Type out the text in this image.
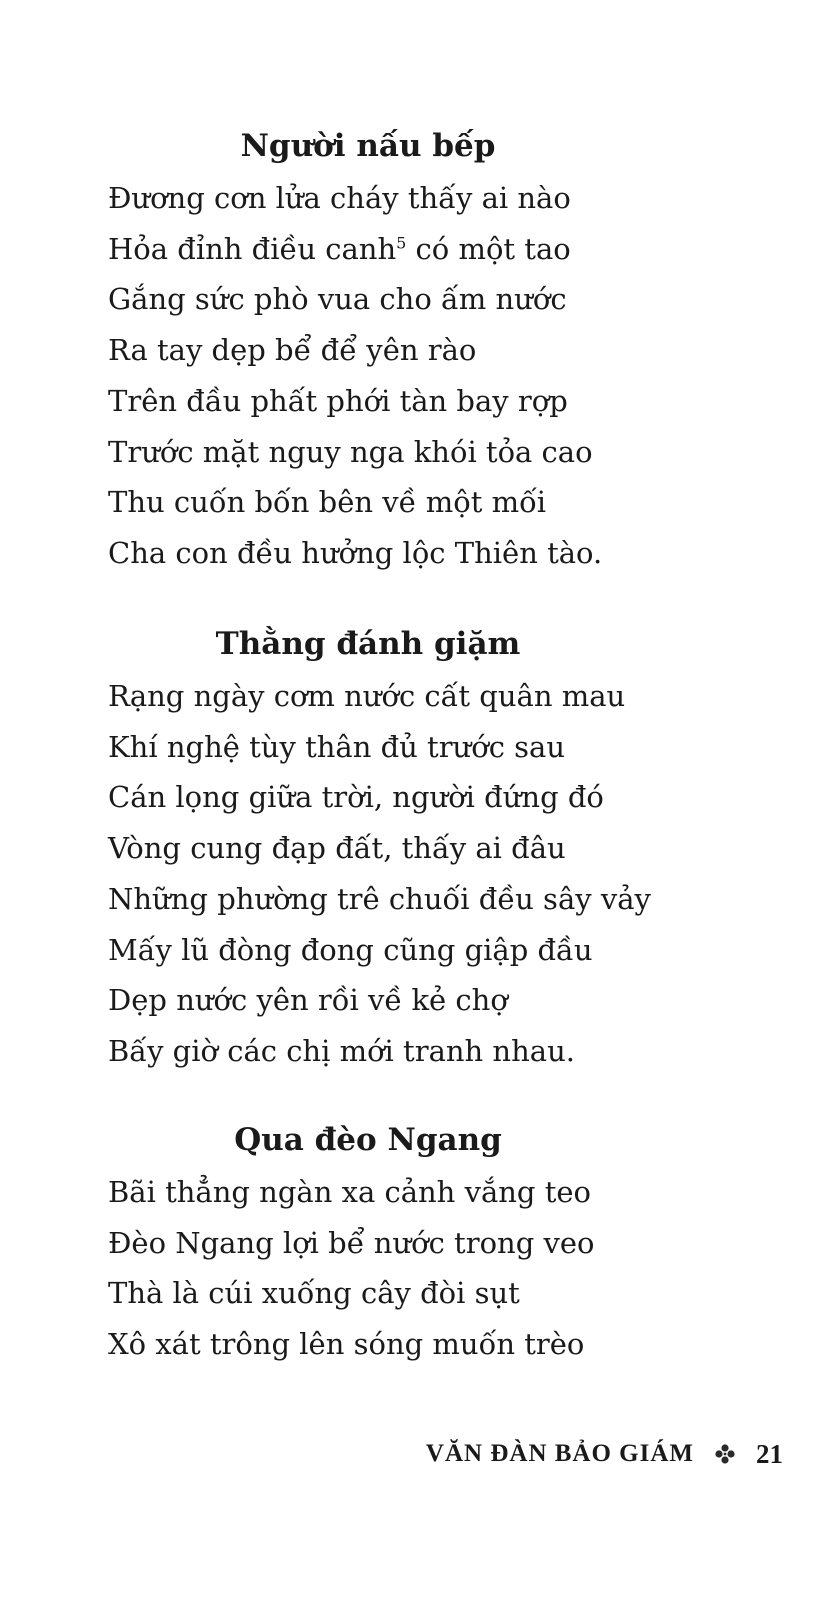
Người nấu bếp
Đương cơn lửa cháy thấy ai nào
Hỏa đỉnh điều canh$^5$ có một tao
Gắng sức phò vua cho ấm nước
Ra tay dẹp bể để yên rào
Trên đầu phất phới tàn bay rợp
Trước mặt nguy nga khói tỏa cao
Thu cuốn bốn bên về một mối
Cha con đều hưởng lộc Thiên tào.
Thằng đánh giặm
Rạng ngày cơm nước cất quân mau
Khí nghệ tùy thân đủ trước sau
Cán lọng giữa trời, người đứng đó
Vòng cung đạp đất, thấy ai đâu
Những phường trê chuối đều sây vảy
Mấy lũ đòng đong cũng giập đầu
Dẹp nước yên rồi về kẻ chợ
Bấy giờ các chị mới tranh nhau.
Qua đèo Ngang
Bãi thẳng ngàn xa cảnh vắng teo
Đèo Ngang lợi bể nước trong veo
Thà là cúi xuống cây đòi sụt
Xô xát trông lên sóng muốn trèo
VĂN ĐÀN BẢO GIÁM 21
